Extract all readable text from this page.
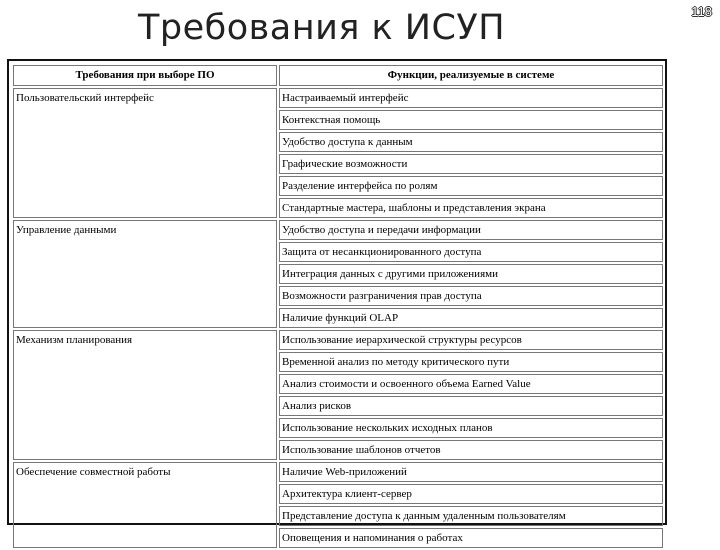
Требования к ИСУП	118
Требования при выборе ПО	Функции, реализуемые в системе
Пользовательский интерфейс	Настраиваемый интерфейс
	Контекстная помощь
	Удобство доступа к данным
	Графические возможности
	Разделение интерфейса по ролям
	Стандартные мастера, шаблоны и представления экрана
Управление данными	Удобство доступа и передачи информации
	Защита от несанкционированного доступа
	Интеграция данных с другими приложениями
	Возможности разграничения прав доступа
	Наличие функций OLAP
Механизм планирования	Использование иерархической структуры ресурсов
	Временной анализ по методу критического пути
	Анализ стоимости и освоенного объема Earned Value
	Анализ рисков
	Использование нескольких исходных планов
	Использование шаблонов отчетов
Обеспечение совместной работы	Наличие Web-приложений
	Архитектура клиент-сервер
	Представление доступа к данным удаленным пользователям
	Оповещения и напоминания о работах
